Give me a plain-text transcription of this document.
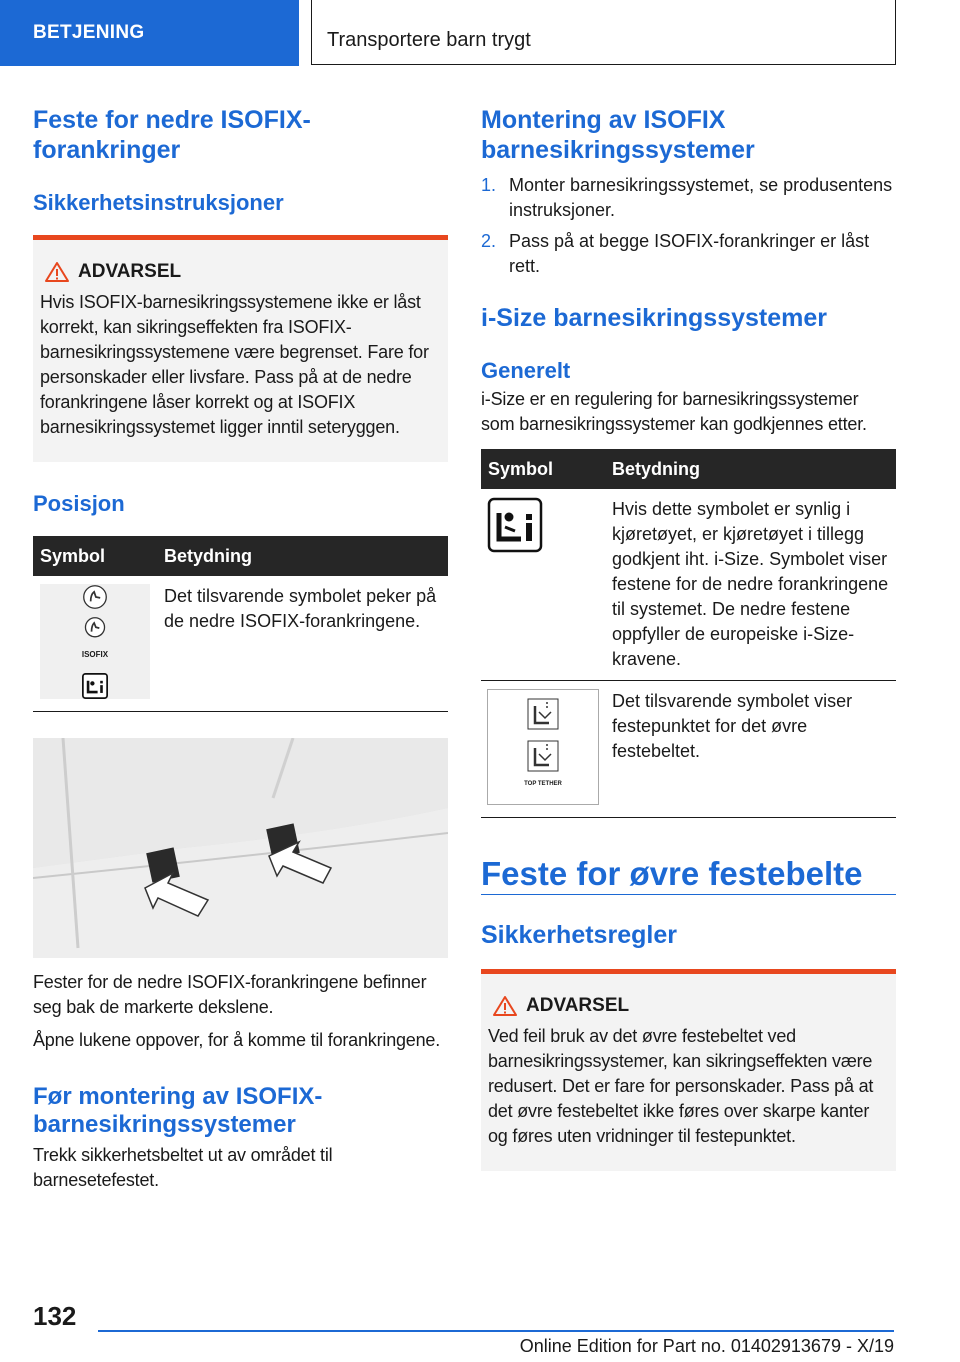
BETJENING	Transportere barn trygt
Feste for nedre ISOFIX-forankringer
Sikkerhetsinstruksjoner
ADVARSEL

Hvis ISOFIX-barnesikringssystemene ikke er låst korrekt, kan sikringseffekten fra ISOFIX-barnesikringssystemene være begrenset. Fare for personskader eller livsfare. Pass på at de nedre forankringene låser korrekt og at ISOFIX barnesikringssystemet ligger inntil seteryggen.

Posisjon
Symbol	Betydning

ISOFIX	Det tilsvarende symbolet peker på de nedre ISOFIX-forankringene.

Fester for de nedre ISOFIX-forankringene befinner seg bak de markerte dekslene.

Åpne lukene oppover, for å komme til forankringene.

Før montering av ISOFIX-barnesikringssystemer

Trekk sikkerhetsbeltet ut av området til barnesetefestet.

Montering av ISOFIX barnesikringssystemer
1. Monter barnesikringssystemet, se produsentens instruksjoner.
2. Pass på at begge ISOFIX-forankringer er låst rett.
i-Size barnesikringssystemer
Generelt

i-Size er en regulering for barnesikringssystemer som barnesikringssystemer kan godkjennes etter.

Symbol	Betydning
	Hvis dette symbolet er synlig i kjøretøyet, er kjøretøyet i tillegg godkjent iht. i-Size. Symbolet viser festene for de nedre forankringene til systemet. De nedre festene oppfyller de europeiske i-Size-kravene.

TOP TETHER	Det tilsvarende symbolet viser festepunktet for det øvre festebeltet.
Feste for øvre festebelte
Sikkerhetsregler
ADVARSEL

Ved feil bruk av det øvre festebeltet ved barnesikringssystemer, kan sikringseffekten være redusert. Det er fare for personskader. Pass på at det øvre festebeltet ikke føres over skarpe kanter og føres uten vridninger til festepunktet.

132
Online Edition for Part no. 01402913679 - X/19
